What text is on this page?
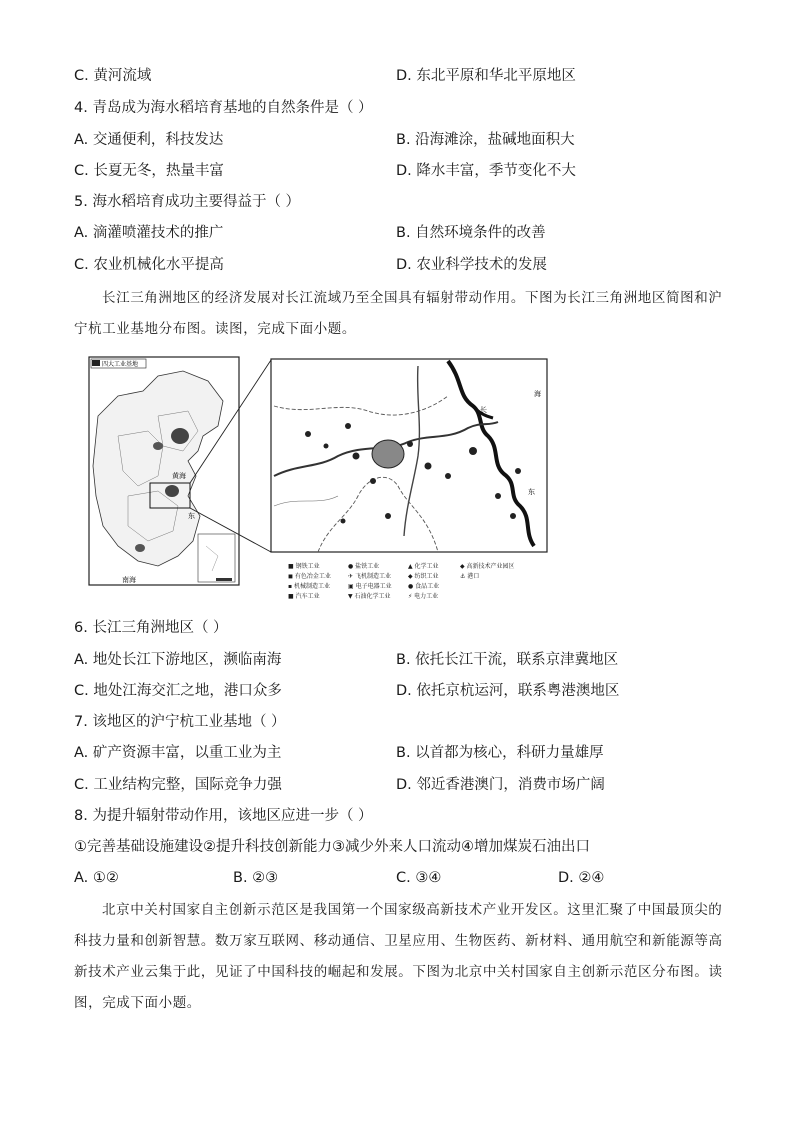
C. 黄河流域	D. 东北平原和华北平原地区
4. 青岛成为海水稻培育基地的自然条件是（ ）
A. 交通便利，科技发达	B. 沿海滩涂，盐碱地面积大
C. 长夏无冬，热量丰富	D. 降水丰富，季节变化不大
5. 海水稻培育成功主要得益于（ ）
A. 滴灌喷灌技术的推广	B. 自然环境条件的改善
C. 农业机械化水平提高	D. 农业科学技术的发展

长江三角洲地区的经济发展对长江流域乃至全国具有辐射带动作用。下图为长江三角洲地区简图和沪宁杭工业基地分布图。读图，完成下面小题。

四大工业基地
黄海
东
南海
海
长
东
■ 钢铁工业	● 盐铁工业	▲ 化学工业	◆ 高新技术产业园区
◼ 有色冶金工业	✈ 飞机制造工业	◆ 纺织工业	⚓ 港口
▪ 机械制造工业	▣ 电子电器工业	● 食品工业
■ 汽车工业	▼ 石油化学工业	⚡ 电力工业
6. 长江三角洲地区（ ）
A. 地处长江下游地区，濒临南海	B. 依托长江干流，联系京津冀地区
C. 地处江海交汇之地，港口众多	D. 依托京杭运河，联系粤港澳地区
7. 该地区的沪宁杭工业基地（ ）
A. 矿产资源丰富，以重工业为主	B. 以首都为核心，科研力量雄厚
C. 工业结构完整，国际竞争力强	D. 邻近香港澳门，消费市场广阔
8. 为提升辐射带动作用，该地区应进一步（ ）
①完善基础设施建设②提升科技创新能力③减少外来人口流动④增加煤炭石油出口
A. ①②	B. ②③	C. ③④	D. ②④

北京中关村国家自主创新示范区是我国第一个国家级高新技术产业开发区。这里汇聚了中国最顶尖的科技力量和创新智慧。数万家互联网、移动通信、卫星应用、生物医药、新材料、通用航空和新能源等高新技术产业云集于此，见证了中国科技的崛起和发展。下图为北京中关村国家自主创新示范区分布图。读图，完成下面小题。
